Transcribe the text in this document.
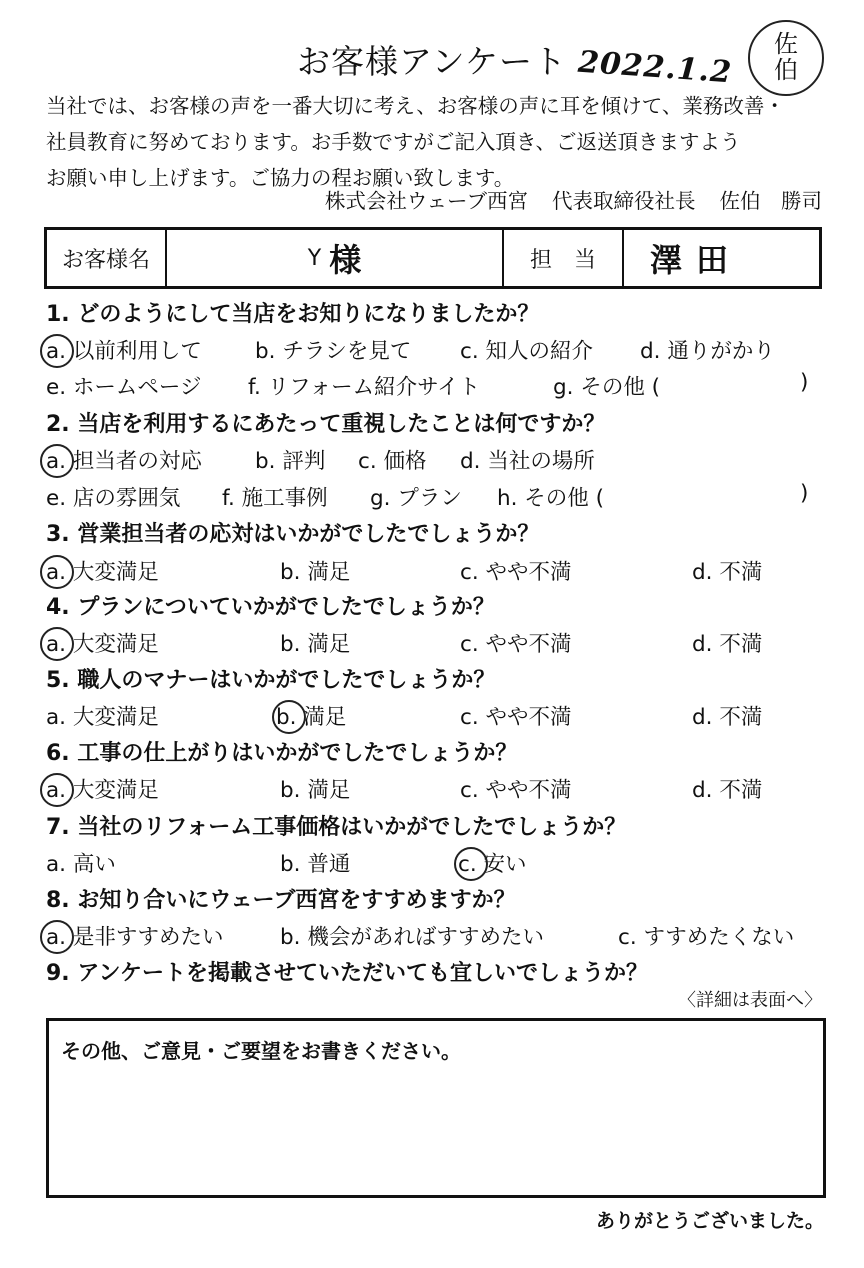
お客様アンケート 2022.1.2
佐
伯
当社では、お客様の声を一番大切に考え、お客様の声に耳を傾けて、業務改善・
社員教育に努めております。お手数ですがご記入頂き、ご返送頂きますよう
お願い申し上げます。ご協力の程お願い致します。
株式会社ウェーブ西宮 代表取締役社長 佐伯　勝司
お客様名	Y 様	担当 澤田
1. どのようにして当店をお知りになりましたか？
a. 以前利用して b. チラシを見て c. 知人の紹介 d. 通りがかり
e. ホームページ f. リフォーム紹介サイト	g. その他 (	)
2. 当店を利用するにあたって重視したことは何ですか？
a. 担当者の対応 b. 評判 c. 価格 d. 当社の場所
e. 店の雰囲気 f. 施工事例 g. プラン h. その他 (	)
3. 営業担当者の応対はいかがでしたでしょうか？
a. 大変満足	b. 満足	c. やや不満	d. 不満
4. プランについていかがでしたでしょうか？
a. 大変満足	b. 満足	c. やや不満	d. 不満
5. 職人のマナーはいかがでしたでしょうか？
a. 大変満足	b. 満足	c. やや不満	d. 不満
6. 工事の仕上がりはいかがでしたでしょうか？
a. 大変満足	b. 満足	c. やや不満	d. 不満
7. 当社のリフォーム工事価格はいかがでしたでしょうか？
a. 高い	b. 普通	c. 安い
8. お知り合いにウェーブ西宮をすすめますか？
a. 是非すすめたい	b. 機会があればすすめたい	c. すすめたくない
9. アンケートを掲載させていただいても宜しいでしょうか？
〈詳細は表面へ〉
その他、ご意見・ご要望をお書きください。
ありがとうございました。
